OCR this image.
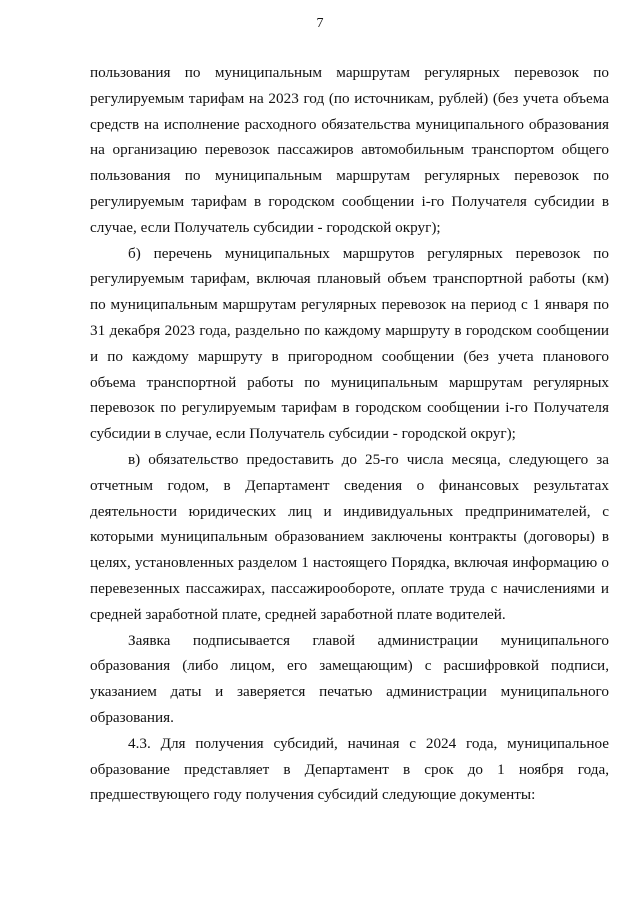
7

пользования по муниципальным маршрутам регулярных перевозок по регулируемым тарифам на 2023 год (по источникам, рублей) (без учета объема средств на исполнение расходного обязательства муниципального образования на организацию перевозок пассажиров автомобильным транспортом общего пользования по муниципальным маршрутам регулярных перевозок по регулируемым тарифам в городском сообщении i-го Получателя субсидии в случае, если Получатель субсидии - городской округ);

б) перечень муниципальных маршрутов регулярных перевозок по регулируемым тарифам, включая плановый объем транспортной работы (км) по муниципальным маршрутам регулярных перевозок на период с 1 января по 31 декабря 2023 года, раздельно по каждому маршруту в городском сообщении и по каждому маршруту в пригородном сообщении (без учета планового объема транспортной работы по муниципальным маршрутам регулярных перевозок по регулируемым тарифам в городском сообщении i-го Получателя субсидии в случае, если Получатель субсидии - городской округ);

в) обязательство предоставить до 25-го числа месяца, следующего за отчетным годом, в Департамент сведения о финансовых результатах деятельности юридических лиц и индивидуальных предпринимателей, с которыми муниципальным образованием заключены контракты (договоры) в целях, установленных разделом 1 настоящего Порядка, включая информацию о перевезенных пассажирах, пассажирообороте, оплате труда с начислениями и средней заработной плате, средней заработной плате водителей.

Заявка подписывается главой администрации муниципального образования (либо лицом, его замещающим) с расшифровкой подписи, указанием даты и заверяется печатью администрации муниципального образования.

4.3. Для получения субсидий, начиная с 2024 года, муниципальное образование представляет в Департамент в срок до 1 ноября года, предшествующего году получения субсидий следующие документы:
